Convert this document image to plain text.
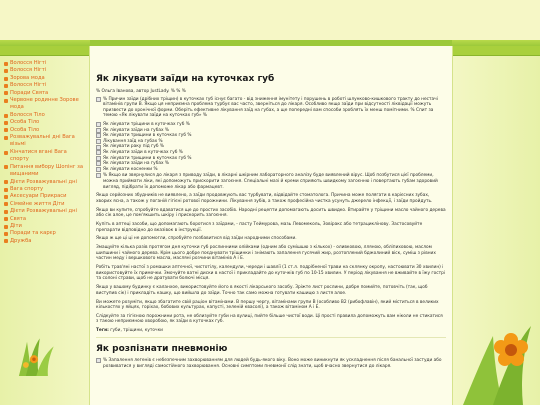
Волосся Нігті
Волосся Нігті
Зорова мода
Волосся Нігті
Поради Свята
Червоне родинне Зорове мода
Волосся Тіло
Особа Тіло
Особа Тіло
Розважувальні дні Вага візьмі
Кінчатися вгані Вага спорту
Питання вибору Шопінг за вищаними
Дієти Розважувальні дні
Вага спорту
Аксесуари Прикраси
Сімейне життя Діти
Дієти Розважувальні дні
Свята
Діти
Поради та карєр
Дружба
Як лікувати заїди на куточках губ
% Ольга Іванова, автор JustLady. % % %

% Причин заїди (дрібних тріщин) в куточках губ існує багато - від зниження імунітету і порушень в роботі шлунково-кишкового тракту до нестачі вітамінів групи В. Якщо ця неприємна проблема турбує вас часто, зверніться до лікаря. Особливо якщо заїди при відсутності ліквідації можуть призвести до хронічної форми. Оберіть ефективне лікування заїд на губах, а ще попередні вам способи зроблять їх менш помітними. % Спит за темою «Як лікувати заїди на куточках губ» %

Як лікувати тріщини в куточках губ %
Як лікувати заїди на губах %
Як лікувати трищини в куточках губ %
Лікування заїд на губах %
Як лікувати раку під губ %
Як лікувати заїди в куточках губ %
Як лікувати трищини в куточках губ %
Як лікувати заїди на губах %
Як лікувати косненки %

% Якщо ви звернулися до лікаря з приводу заїди, в лікарні шкірним лабораторного аналізу буде виявлений вірус. Щоб позбутися цієї проблеми, можна приймати ліки, які допоможуть прискорити загоєння. Спеціальні мазі й креми сприяють швидкому загоєнню і повертають губам здоровий вигляд, підібрати їх допоможе лікар або фармацевт.

Якщо серйозних збудників не виявлено, а заїди продовжують вас турбувати, відвідайте стоматолога. Причина може полягати в карієсних зубах, хворих ясна, а також у поганій гігієні ротової порожнини. Лікування зубів, а також професійна чистка усунуть джерело інфекції, і заїди пройдуть.

Якщо ви купите, спробуйте вдаватися ще до простих засобів. Народні рецепти допомагають досить швидко. Втирайте у тріщини масло чайного дерева або сік алое, це пом'якшить шкіру і прискорить загоєння.

Купіть в аптеці засоби, що допомагають боротися з заїдами, - пасту Теймурова, мазь Левомеколь, Зовіракс або тетрациклінову. Застосовуйте препарати відповідно до вказівок в інструкції.

Якщо ж ще ці ці не допомогли, спробуйте позбавитися від заїди народними способами.

Змащуйте кілька разів протягом дня куточки губ рослинними олійками (одним або сумішшю з кількох) - оливковою, лляною, обліпиховою, маслом шипшини і чайного дерева. Крім цього добре поєднувати тріщинки і знімають запалення гусячий жир, розтоплений бджолиний віск, суміш з рівних частин меду і вершкового масла, масляні розчини вітамінів А і Е.

Робіть трав'яні настої з ромашки аптечної, чистотілу, календули, череди і шавлії (1 ст.л. подрібненої трави на склянку окропу, настоювати 30 хвилин) і використовуйте їх примочки. Змочуйте ватні диски в настої і прикладайте до куточків губ по 10-15 хвилин. У період лікування не вживайте в їжу гострі та солоні страви, щоб не дратувати болючі місця.

Якщо у вашому будинку є каланхое, використовуйте його в якості лікарського засобу. Зріжте лист рослини, добре помийте, потовчіть (так, щоб виступив сік) і прикладіть кашку, що вийшла до заїди. Точно так само можна готувати кашицю з листя алое.

Ви можете розуміти, якщо збагатите свій раціон вітамінами. В першу чергу, вітамінами групи В (особливо В2 (рибофлавін), який міститься в великих кількостях у яйцях, горіхах, бобових культурах, капусті, зеленій квасолі), а також вітаміном А і Е.

Слідкуйте за гігієною порожнини рота, не облизуйте губи на вулиці, пийте більше чистої води. Ці прості правила допоможуть вам ніколи не стикатися з такою неприємною хворобою, як заїди в куточках губ.

Теги: губи, тріщини, куточки
Як розпізнати пневмонію

% Запалення легенів є небезпечним захворюванням для людей будь-якого віку. Воно може виникнути як ускладнення після банальної застуди або розвиватися у вигляді самостійного захворювання. Основні симптоми пневмонії слід знати, щоб вчасно звернутися до лікаря.
